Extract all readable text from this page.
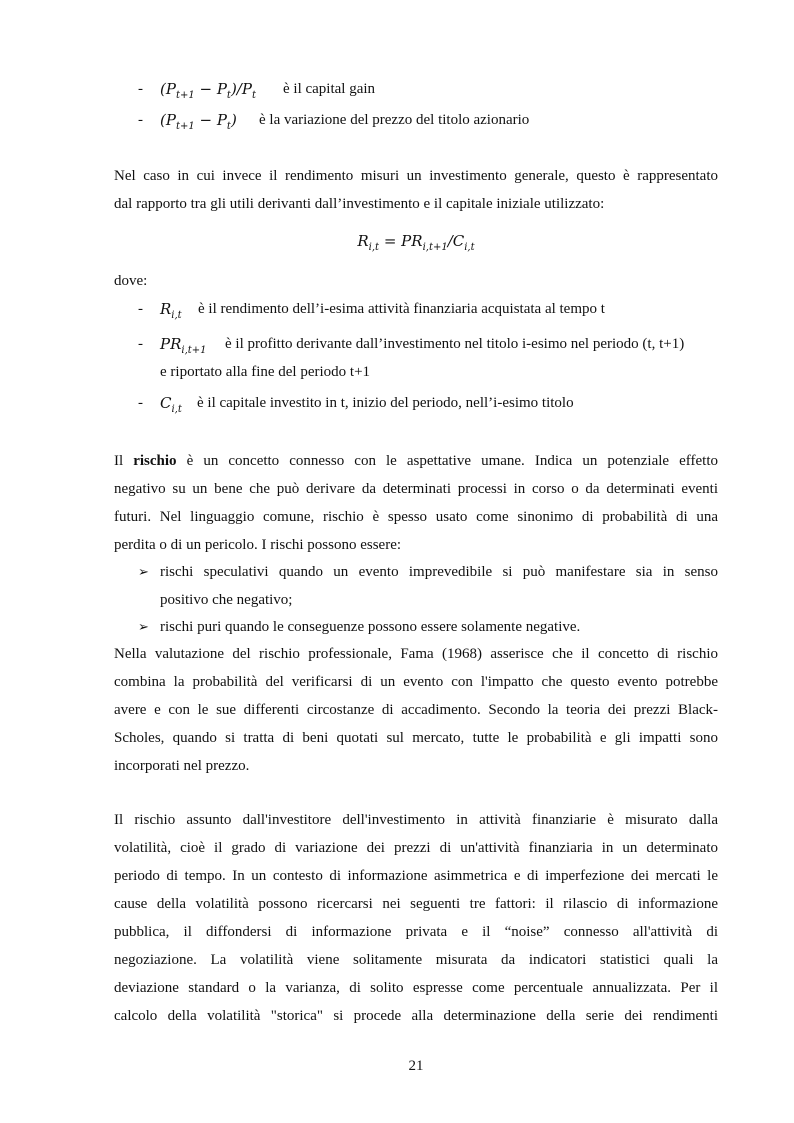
- $(P_{t+1} - P_t)/P_t$ è il capital gain
- $(P_{t+1} - P_t)$ è la variazione del prezzo del titolo azionario
Nel caso in cui invece il rendimento misuri un investimento generale, questo è rappresentato
dal rapporto tra gli utili derivanti dall’investimento e il capitale iniziale utilizzato:
$R_{i,t} = PR_{i,t+1}/C_{i,t}$
dove:
- $R_{i,t}$ è il rendimento dell’i-esima attività finanziaria acquistata al tempo t
- $PR_{i,t+1}$ è il profitto derivante dall’investimento nel titolo i-esimo nel periodo (t, t+1)
e riportato alla fine del periodo t+1
- $C_{i,t}$ è il capitale investito in t, inizio del periodo, nell’i-esimo titolo
Il rischio è un concetto connesso con le aspettative umane. Indica un potenziale effetto
negativo su un bene che può derivare da determinati processi in corso o da determinati eventi
futuri. Nel linguaggio comune, rischio è spesso usato come sinonimo di probabilità di una
perdita o di un pericolo. I rischi possono essere:
➢ rischi speculativi quando un evento imprevedibile si può manifestare sia in senso
positivo che negativo;
➢ rischi puri quando le conseguenze possono essere solamente negative.
Nella valutazione del rischio professionale, Fama (1968) asserisce che il concetto di rischio
combina la probabilità del verificarsi di un evento con l'impatto che questo evento potrebbe
avere e con le sue differenti circostanze di accadimento. Secondo la teoria dei prezzi Black-
Scholes, quando si tratta di beni quotati sul mercato, tutte le probabilità e gli impatti sono
incorporati nel prezzo.
Il rischio assunto dall'investitore dell'investimento in attività finanziarie è misurato dalla
volatilità, cioè il grado di variazione dei prezzi di un'attività finanziaria in un determinato
periodo di tempo. In un contesto di informazione asimmetrica e di imperfezione dei mercati le
cause della volatilità possono ricercarsi nei seguenti tre fattori: il rilascio di informazione
pubblica, il diffondersi di informazione privata e il “noise” connesso all'attività di
negoziazione. La volatilità viene solitamente misurata da indicatori statistici quali la
deviazione standard o la varianza, di solito espresse come percentuale annualizzata. Per il
calcolo della volatilità "storica" si procede alla determinazione della serie dei rendimenti
21
